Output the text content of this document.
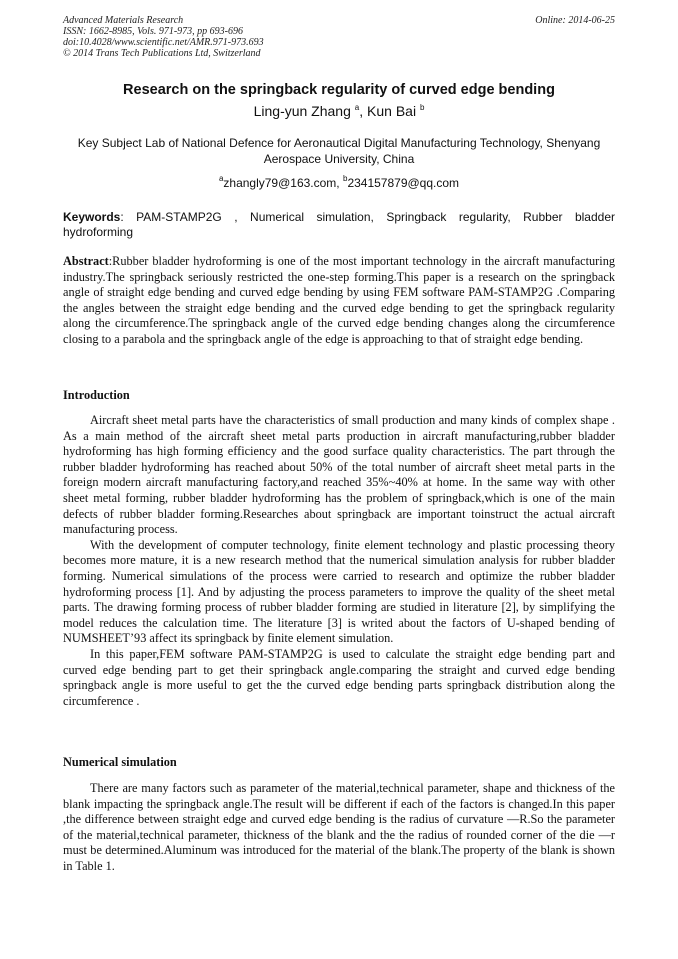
Advanced Materials Research
ISSN: 1662-8985, Vols. 971-973, pp 693-696
doi:10.4028/www.scientific.net/AMR.971-973.693
© 2014 Trans Tech Publications Ltd, Switzerland
Online: 2014-06-25
Research on the springback regularity of curved edge bending
Ling-yun Zhang $^a$, Kun Bai $^b$
Key Subject Lab of National Defence for Aeronautical Digital Manufacturing Technology, Shenyang Aerospace University, China
$^a$zhangly79@163.com, $^b$234157879@qq.com
Keywords: PAM-STAMP2G , Numerical simulation, Springback regularity, Rubber bladder hydroforming
Abstract:Rubber bladder hydroforming is one of the most important technology in the aircraft manufacturing industry.The springback seriously restricted the one-step forming.This paper is a research on the springback angle of straight edge bending and curved edge bending by using FEM software PAM-STAMP2G .Comparing the angles between the straight edge bending and the curved edge bending to get the springback regularity along the circumference.The springback angle of the curved edge bending changes along the circumference closing to a parabola and the springback angle of the edge is approaching to that of straight edge bending.
Introduction

Aircraft sheet metal parts have the characteristics of small production and many kinds of complex shape . As a main method of the aircraft sheet metal parts production in aircraft manufacturing,rubber bladder hydroforming has high forming efficiency and the good surface quality characteristics. The part through the rubber bladder hydroforming has reached about 50% of the total number of aircraft sheet metal parts in the foreign modern aircraft manufacturing factory,and reached 35%~40% at home. In the same way with other sheet metal forming, rubber bladder hydroforming has the problem of springback,which is one of the main defects of rubber bladder forming.Researches about springback are important toinstruct the actual aircraft manufacturing process.

With the development of computer technology, finite element technology and plastic processing theory becomes more mature, it is a new research method that the numerical simulation analysis for rubber bladder forming. Numerical simulations of the process were carried to research and optimize the rubber bladder hydroforming process [1]. And by adjusting the process parameters to improve the quality of the sheet metal parts. The drawing forming process of rubber bladder forming are studied in literature [2], by simplifying the model reduces the calculation time. The literature [3] is writed about the factors of U-shaped bending of NUMSHEET’93 affect its springback by finite element simulation.

In this paper,FEM software PAM-STAMP2G is used to calculate the straight edge bending part and curved edge bending part to get their springback angle.comparing the straight and curved edge bending springback angle is more useful to get the the curved edge bending parts springback distribution along the circumference .

Numerical simulation

There are many factors such as parameter of the material,technical parameter, shape and thickness of the blank impacting the springback angle.The result will be different if each of the factors is changed.In this paper ,the difference between straight edge and curved edge bending is the radius of curvature —R.So the parameter of the material,technical parameter, thickness of the blank and the the radius of rounded corner of the die —r must be determined.Aluminum was introduced for the material of the blank.The property of the blank is shown in Table 1.
